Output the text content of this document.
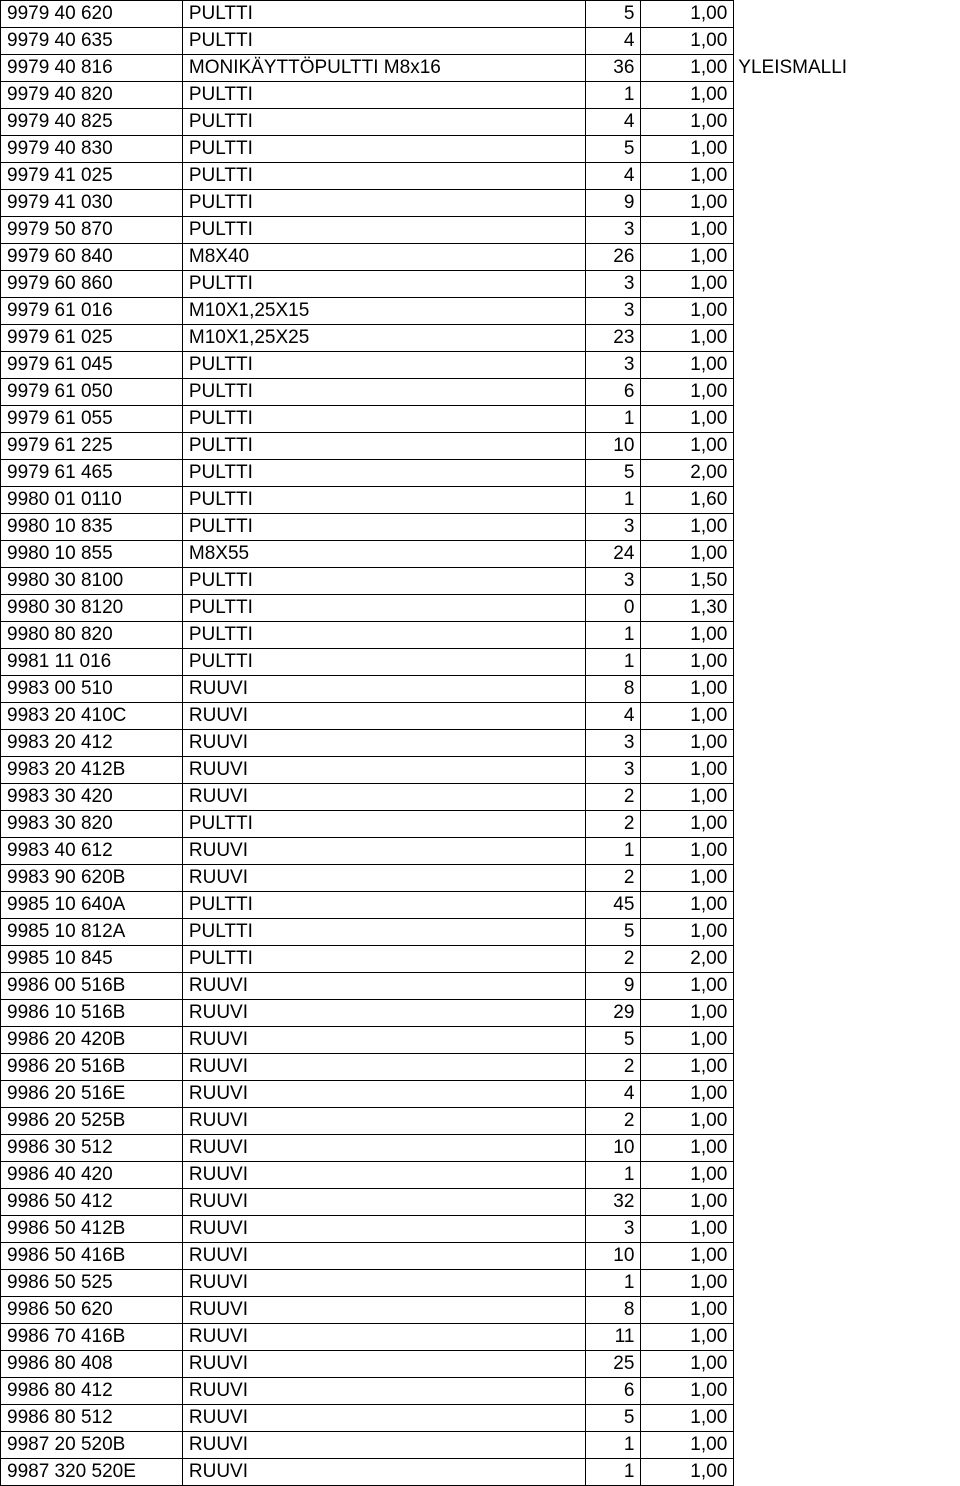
9979 40 620	PULTTI	5	1,00	
9979 40 635	PULTTI	4	1,00	
9979 40 816	MONIKÄYTTÖPULTTI M8x16	36	1,00	YLEISMALLI
9979 40 820	PULTTI	1	1,00	
9979 40 825	PULTTI	4	1,00	
9979 40 830	PULTTI	5	1,00	
9979 41 025	PULTTI	4	1,00	
9979 41 030	PULTTI	9	1,00	
9979 50 870	PULTTI	3	1,00	
9979 60 840	M8X40	26	1,00	
9979 60 860	PULTTI	3	1,00	
9979 61 016	M10X1,25X15	3	1,00	
9979 61 025	M10X1,25X25	23	1,00	
9979 61 045	PULTTI	3	1,00	
9979 61 050	PULTTI	6	1,00	
9979 61 055	PULTTI	1	1,00	
9979 61 225	PULTTI	10	1,00	
9979 61 465	PULTTI	5	2,00	
9980 01 0110	PULTTI	1	1,60	
9980 10 835	PULTTI	3	1,00	
9980 10 855	M8X55	24	1,00	
9980 30 8100	PULTTI	3	1,50	
9980 30 8120	PULTTI	0	1,30	
9980 80 820	PULTTI	1	1,00	
9981 11 016	PULTTI	1	1,00	
9983 00 510	RUUVI	8	1,00	
9983 20 410C	RUUVI	4	1,00	
9983 20 412	RUUVI	3	1,00	
9983 20 412B	RUUVI	3	1,00	
9983 30 420	RUUVI	2	1,00	
9983 30 820	PULTTI	2	1,00	
9983 40 612	RUUVI	1	1,00	
9983 90 620B	RUUVI	2	1,00	
9985 10 640A	PULTTI	45	1,00	
9985 10 812A	PULTTI	5	1,00	
9985 10 845	PULTTI	2	2,00	
9986 00 516B	RUUVI	9	1,00	
9986 10 516B	RUUVI	29	1,00	
9986 20 420B	RUUVI	5	1,00	
9986 20 516B	RUUVI	2	1,00	
9986 20 516E	RUUVI	4	1,00	
9986 20 525B	RUUVI	2	1,00	
9986 30 512	RUUVI	10	1,00	
9986 40 420	RUUVI	1	1,00	
9986 50 412	RUUVI	32	1,00	
9986 50 412B	RUUVI	3	1,00	
9986 50 416B	RUUVI	10	1,00	
9986 50 525	RUUVI	1	1,00	
9986 50 620	RUUVI	8	1,00	
9986 70 416B	RUUVI	11	1,00	
9986 80 408	RUUVI	25	1,00	
9986 80 412	RUUVI	6	1,00	
9986 80 512	RUUVI	5	1,00	
9987 20 520B	RUUVI	1	1,00	
9987 320 520E	RUUVI	1	1,00	
